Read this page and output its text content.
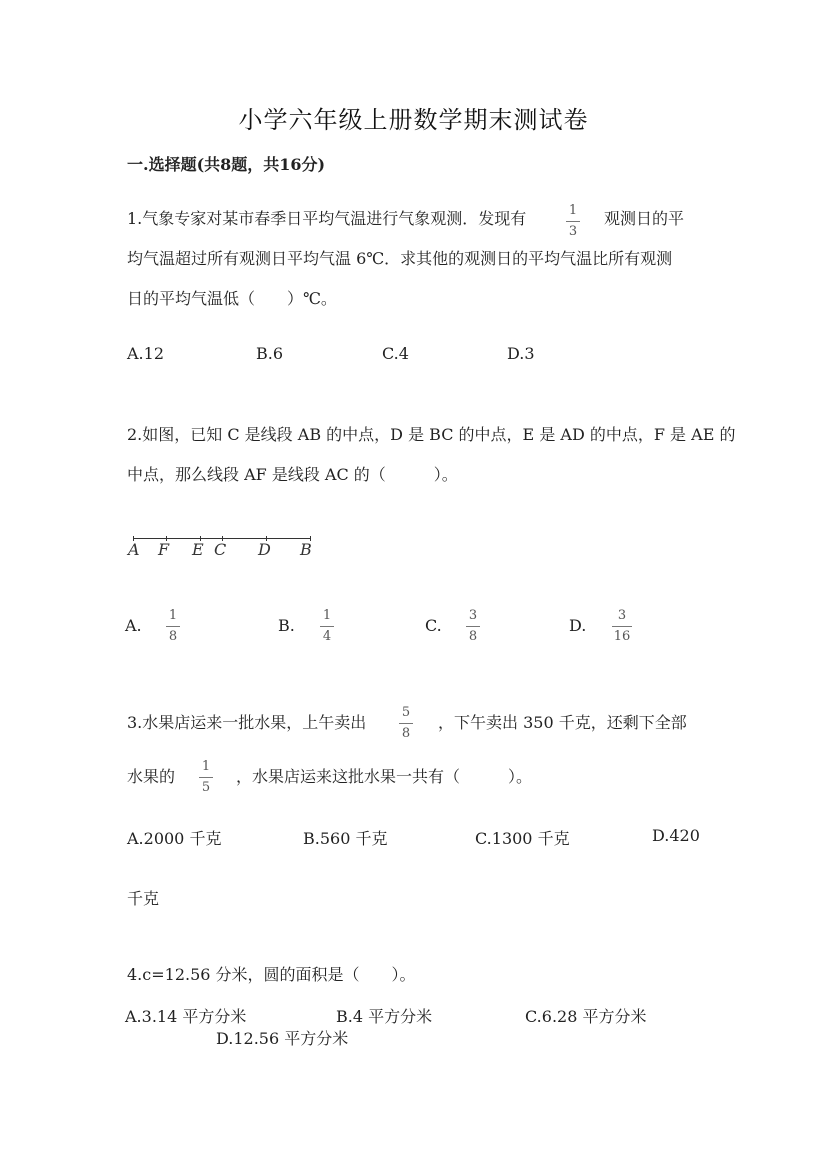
小学六年级上册数学期末测试卷
一.选择题(共8题，共16分)
1.气象专家对某市春季日平均气温进行气象观测．发现有	1
3
观测日的平
均气温超过所有观测日平均气温 6℃．求其他的观测日的平均气温比所有观测
日的平均气温低（　　）℃。
A.12	B.6	C.4	D.3
2.如图，已知 C 是线段 AB 的中点，D 是 BC 的中点，E 是 AD 的中点，F 是 AE 的
中点，那么线段 AF 是线段 AC 的（　　　）。
A F E C D B
A.
1
8
B.
1
4
C.
3
8
D.
3
16
3.水果店运来一批水果，上午卖出
5
8
，下午卖出 350 千克，还剩下全部
水果的
1
5
，水果店运来这批水果一共有（　　　）。
A.2000 千克	B.560 千克	C.1300 千克	D.420
千克
4.c=12.56 分米，圆的面积是（　　）。
A.3.14 平方分米	B.4 平方分米	C.6.28 平方分米
D.12.56 平方分米
